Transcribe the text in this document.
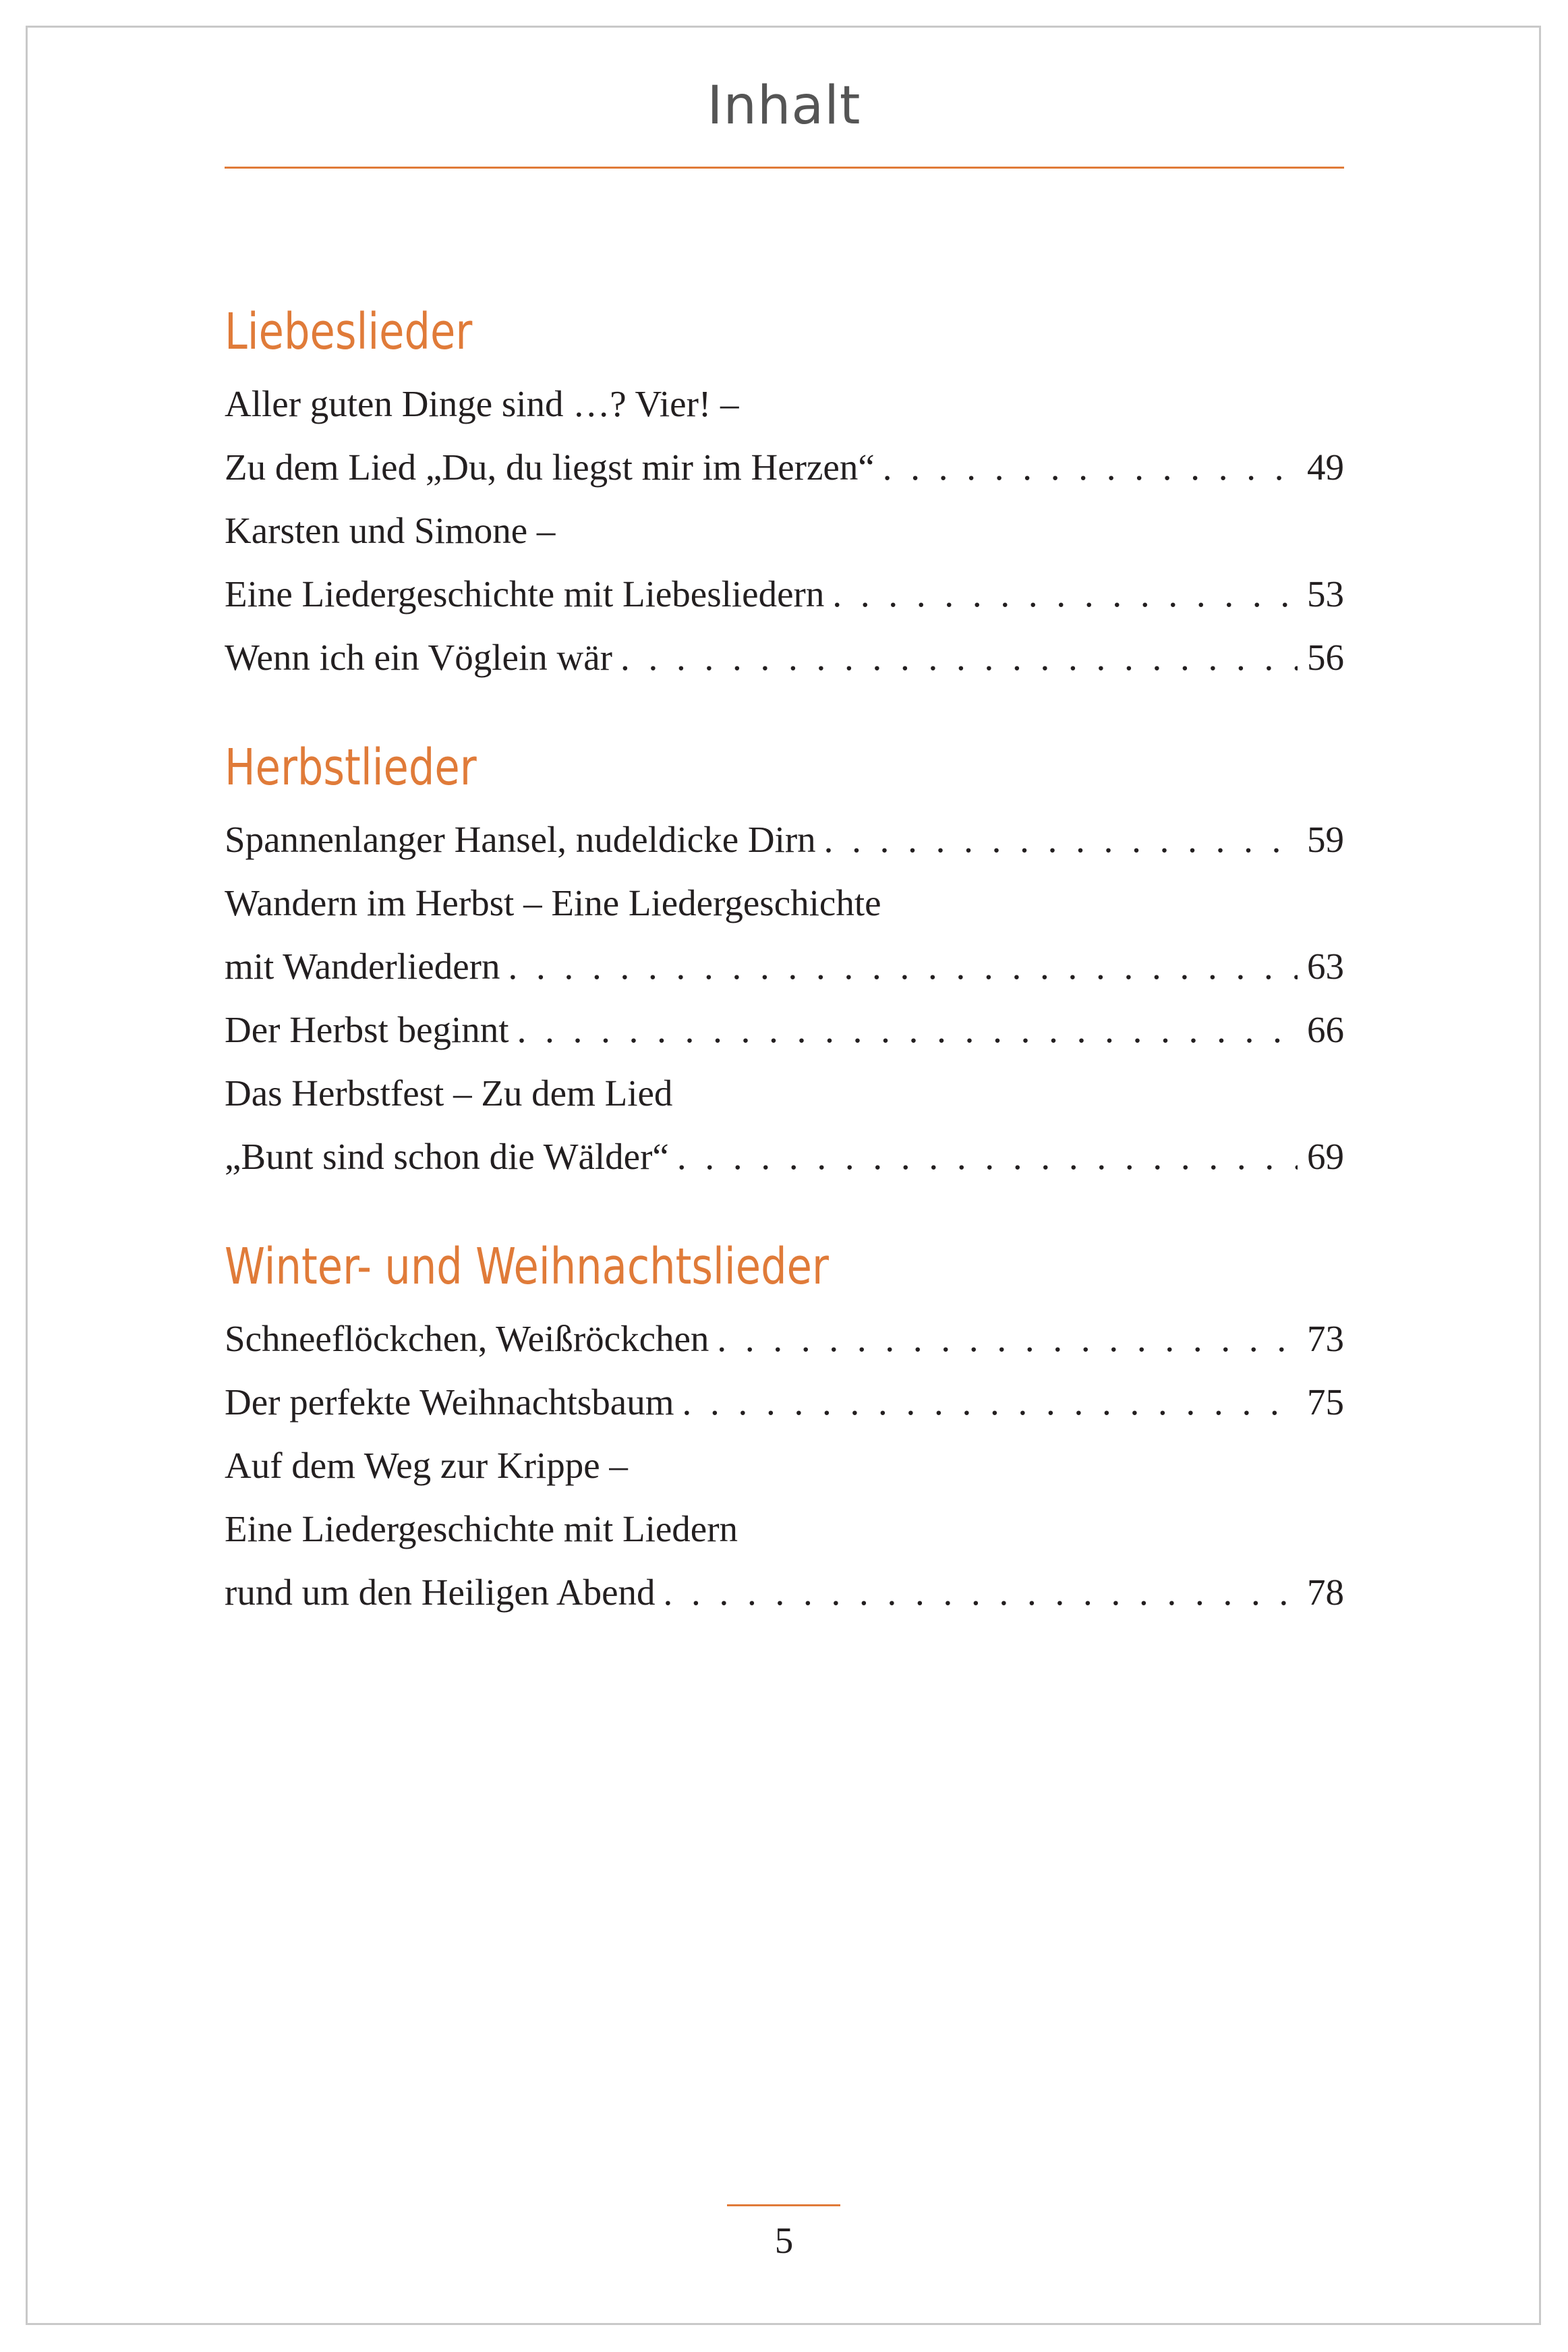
Inhalt
Liebeslieder
Aller guten Dinge sind …? Vier! –
Zu dem Lied „Du, du liegst mir im Herzen“ . . .	49
Karsten und Simone –
Eine Liedergeschichte mit Liebesliedern . . .	53
Wenn ich ein Vöglein wär . . .	56
Herbstlieder
Spannenlanger Hansel, nudeldicke Dirn . . .	59
Wandern im Herbst – Eine Liedergeschichte
mit Wanderliedern . . .	63
Der Herbst beginnt . . .	66
Das Herbstfest – Zu dem Lied
„Bunt sind schon die Wälder“ . . .	69
Winter- und Weihnachtslieder
Schneeflöckchen, Weißröckchen . . .	73
Der perfekte Weihnachtsbaum . . .	75
Auf dem Weg zur Krippe –
Eine Liedergeschichte mit Liedern
rund um den Heiligen Abend . . .	78
5
